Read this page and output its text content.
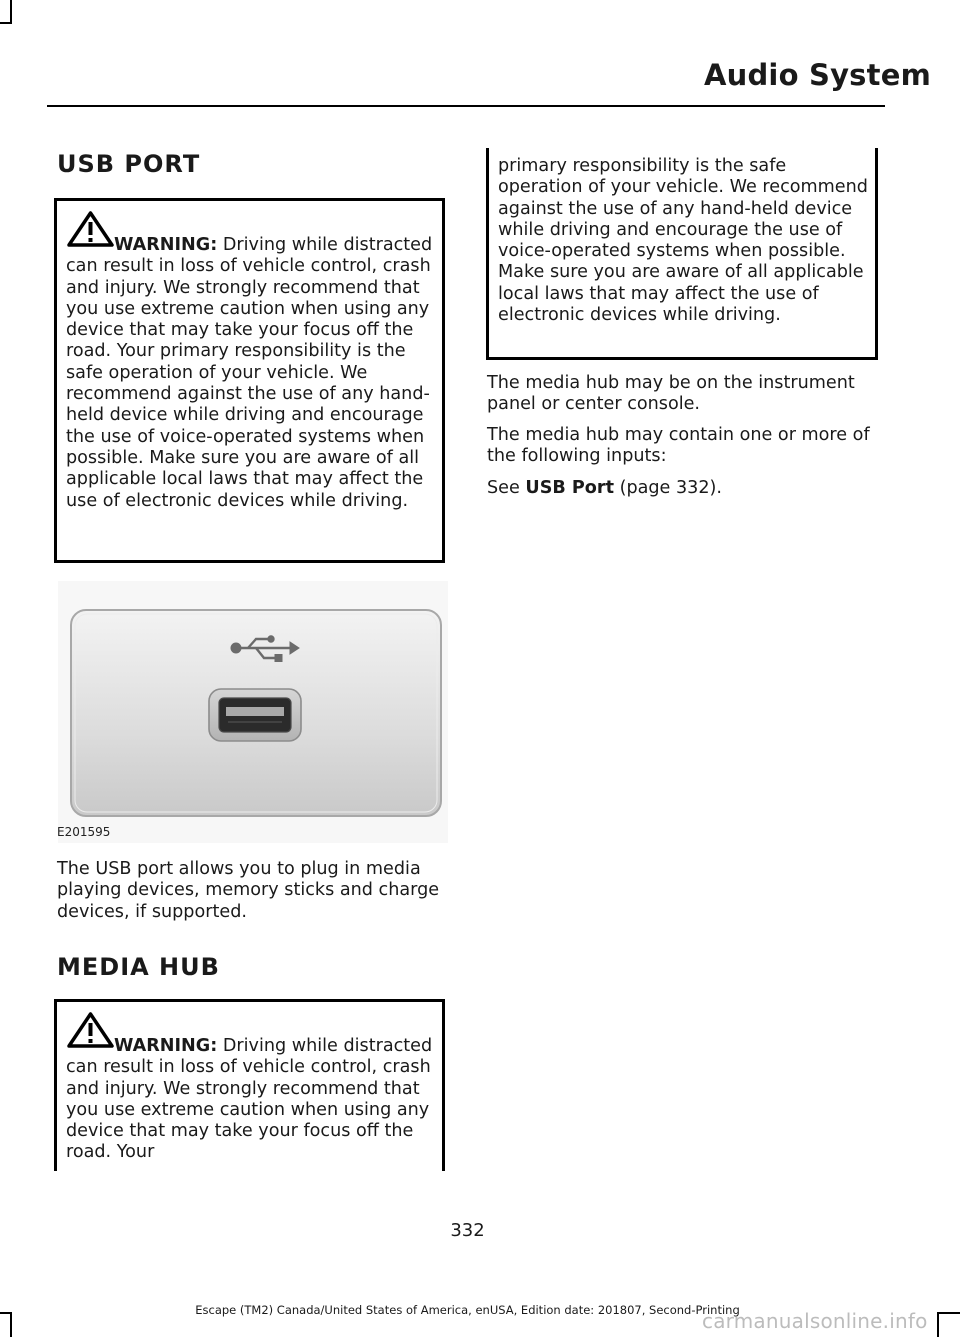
Audio System
USB PORT
WARNING: Driving while distracted can result in loss of vehicle control, crash and injury. We strongly recommend that you use extreme caution when using any device that may take your focus off the road. Your primary responsibility is the safe operation of your vehicle. We recommend against the use of any hand-held device while driving and encourage the use of voice-operated systems when possible. Make sure you are aware of all applicable local laws that may affect the use of electronic devices while driving.
E201595

The USB port allows you to plug in media playing devices, memory sticks and charge devices, if supported.

MEDIA HUB
WARNING: Driving while distracted can result in loss of vehicle control, crash and injury. We strongly recommend that you use extreme caution when using any device that may take your focus off the road. Your
primary responsibility is the safe operation of your vehicle. We recommend against the use of any hand-held device while driving and encourage the use of voice-operated systems when possible. Make sure you are aware of all applicable local laws that may affect the use of electronic devices while driving.

The media hub may be on the instrument panel or center console.

The media hub may contain one or more of the following inputs:

See USB Port (page 332).

332
Escape (TM2) Canada/United States of America, enUSA, Edition date: 201807, Second-Printing
carmanualsonline.info
